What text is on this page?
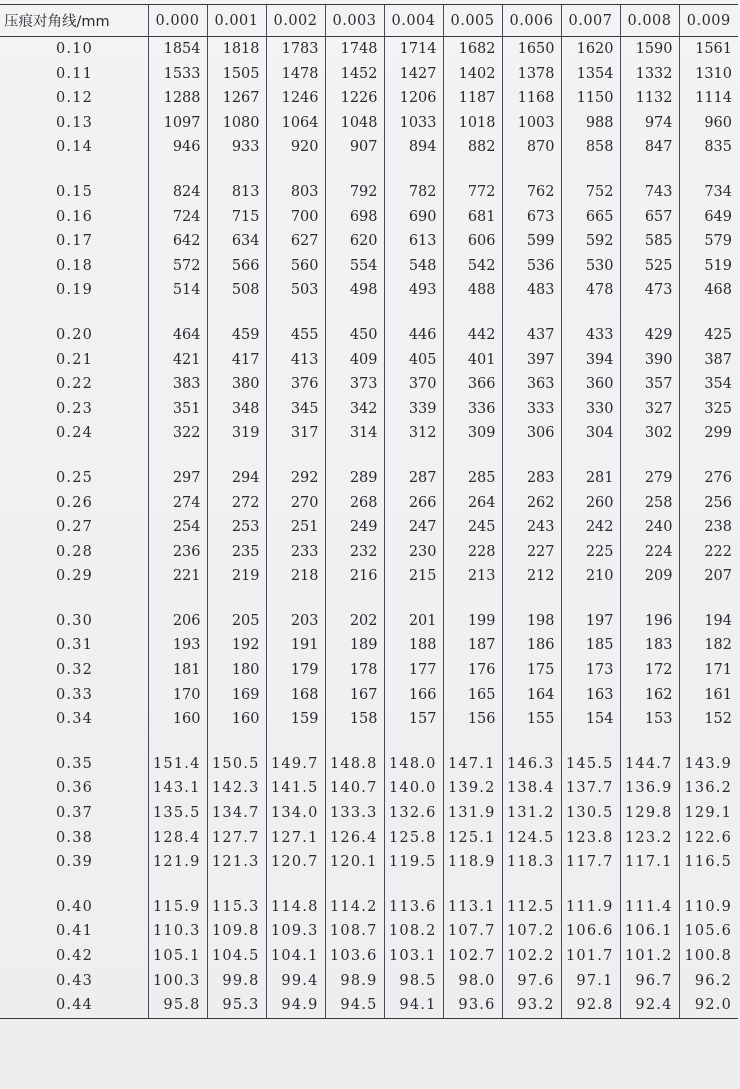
压痕对角线/mm	0.000	0.001	0.002	0.003	0.004	0.005	0.006	0.007	0.008	0.009
0.10	1854	1818	1783	1748	1714	1682	1650	1620	1590	1561
0.11	1533	1505	1478	1452	1427	1402	1378	1354	1332	1310
0.12	1288	1267	1246	1226	1206	1187	1168	1150	1132	1114
0.13	1097	1080	1064	1048	1033	1018	1003	988	974	960
0.14	946	933	920	907	894	882	870	858	847	835

0.15	824	813	803	792	782	772	762	752	743	734
0.16	724	715	700	698	690	681	673	665	657	649
0.17	642	634	627	620	613	606	599	592	585	579
0.18	572	566	560	554	548	542	536	530	525	519
0.19	514	508	503	498	493	488	483	478	473	468

0.20	464	459	455	450	446	442	437	433	429	425
0.21	421	417	413	409	405	401	397	394	390	387
0.22	383	380	376	373	370	366	363	360	357	354
0.23	351	348	345	342	339	336	333	330	327	325
0.24	322	319	317	314	312	309	306	304	302	299

0.25	297	294	292	289	287	285	283	281	279	276
0.26	274	272	270	268	266	264	262	260	258	256
0.27	254	253	251	249	247	245	243	242	240	238
0.28	236	235	233	232	230	228	227	225	224	222
0.29	221	219	218	216	215	213	212	210	209	207

0.30	206	205	203	202	201	199	198	197	196	194
0.31	193	192	191	189	188	187	186	185	183	182
0.32	181	180	179	178	177	176	175	173	172	171
0.33	170	169	168	167	166	165	164	163	162	161
0.34	160	160	159	158	157	156	155	154	153	152

0.35	151.4	150.5	149.7	148.8	148.0	147.1	146.3	145.5	144.7	143.9
0.36	143.1	142.3	141.5	140.7	140.0	139.2	138.4	137.7	136.9	136.2
0.37	135.5	134.7	134.0	133.3	132.6	131.9	131.2	130.5	129.8	129.1
0.38	128.4	127.7	127.1	126.4	125.8	125.1	124.5	123.8	123.2	122.6
0.39	121.9	121.3	120.7	120.1	119.5	118.9	118.3	117.7	117.1	116.5

0.40	115.9	115.3	114.8	114.2	113.6	113.1	112.5	111.9	111.4	110.9
0.41	110.3	109.8	109.3	108.7	108.2	107.7	107.2	106.6	106.1	105.6
0.42	105.1	104.5	104.1	103.6	103.1	102.7	102.2	101.7	101.2	100.8
0.43	100.3	99.8	99.4	98.9	98.5	98.0	97.6	97.1	96.7	96.2
0.44	95.8	95.3	94.9	94.5	94.1	93.6	93.2	92.8	92.4	92.0
